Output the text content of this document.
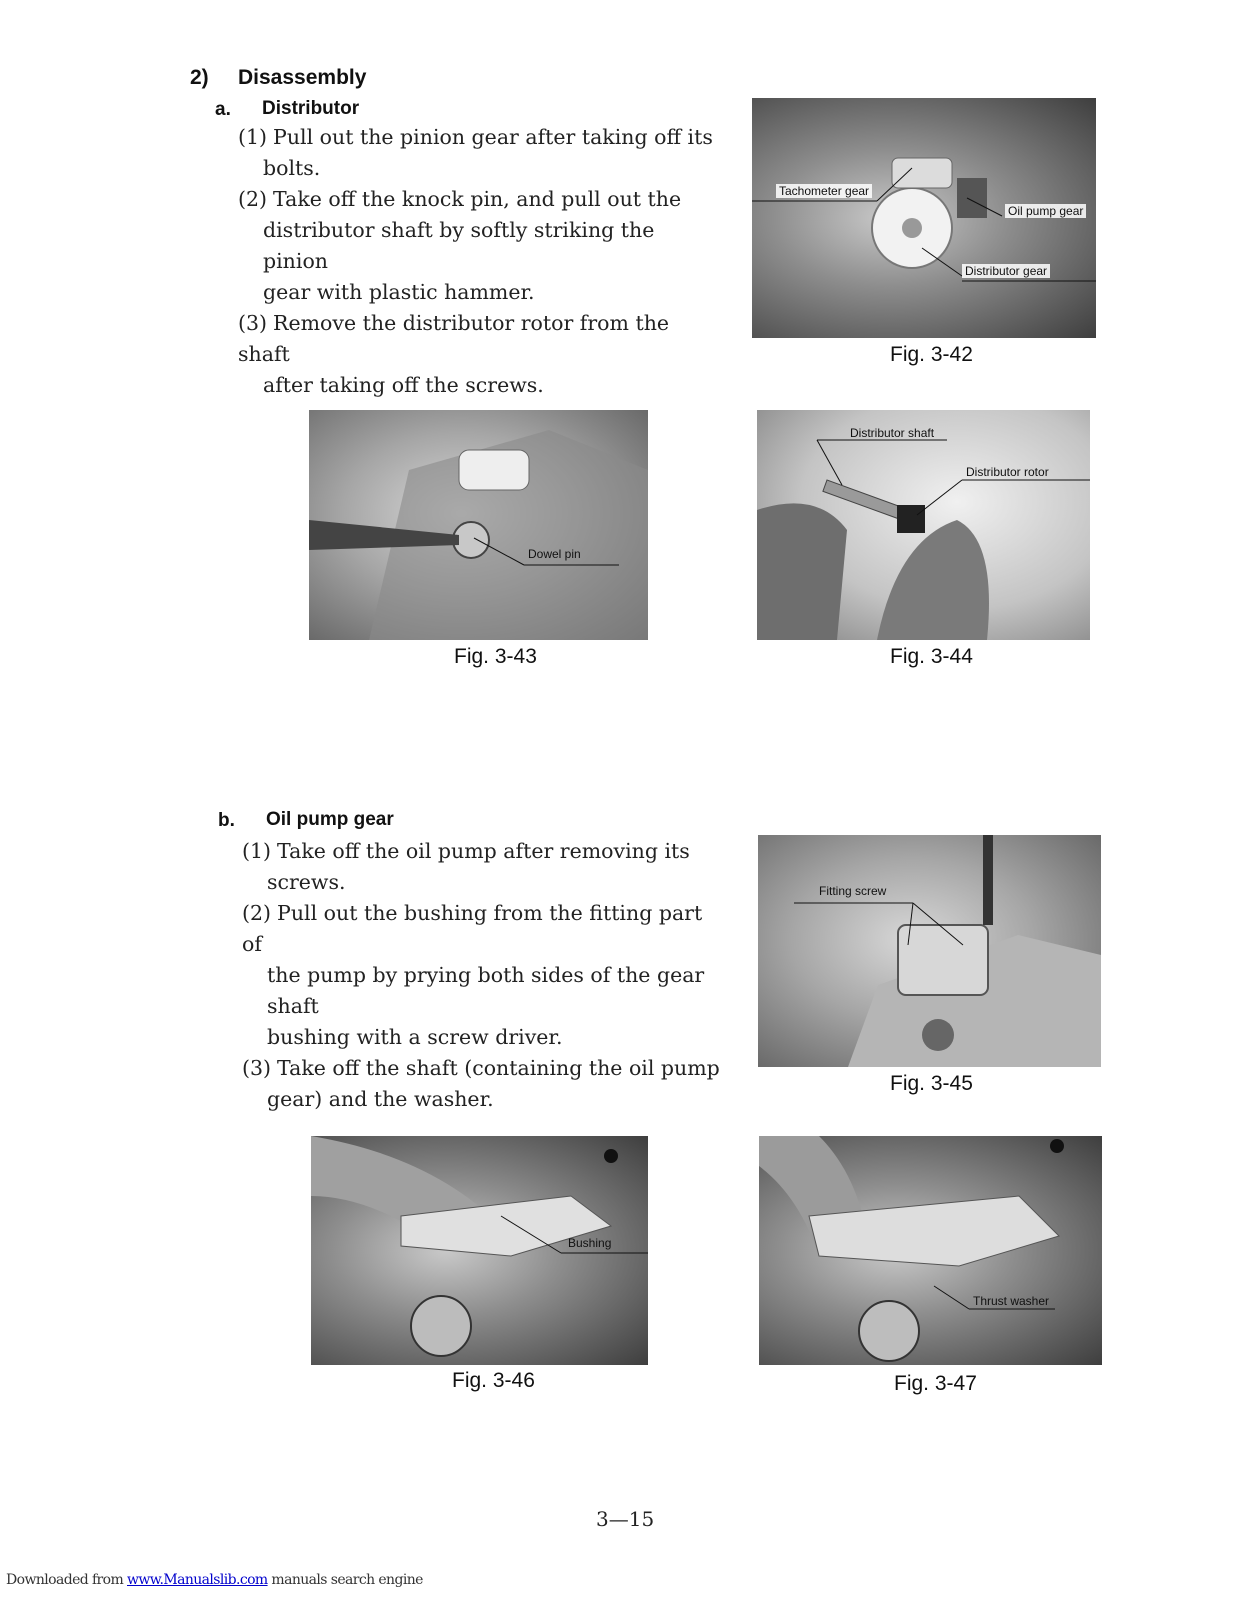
2) Disassembly
a. Distributor
(1) Pull out the pinion gear after taking off its
bolts.
(2) Take off the knock pin, and pull out the
distributor shaft by softly striking the pinion
gear with plastic hammer.
(3) Remove the distributor rotor from the shaft
after taking off the screws.
Tachometer gear
Oil pump gear
Distributor gear
Fig. 3-42
Dowel pin
Fig. 3-43
Distributor shaft
Distributor rotor
Fig. 3-44
b. Oil pump gear
(1) Take off the oil pump after removing its
screws.
(2) Pull out the bushing from the fitting part of
the pump by prying both sides of the gear shaft
bushing with a screw driver.
(3) Take off the shaft (containing the oil pump
gear) and the washer.
Fitting screw
Fig. 3-45
Bushing
Fig. 3-46
Thrust washer
Fig. 3-47
3—15
Downloaded from www.Manualslib.com manuals search engine
